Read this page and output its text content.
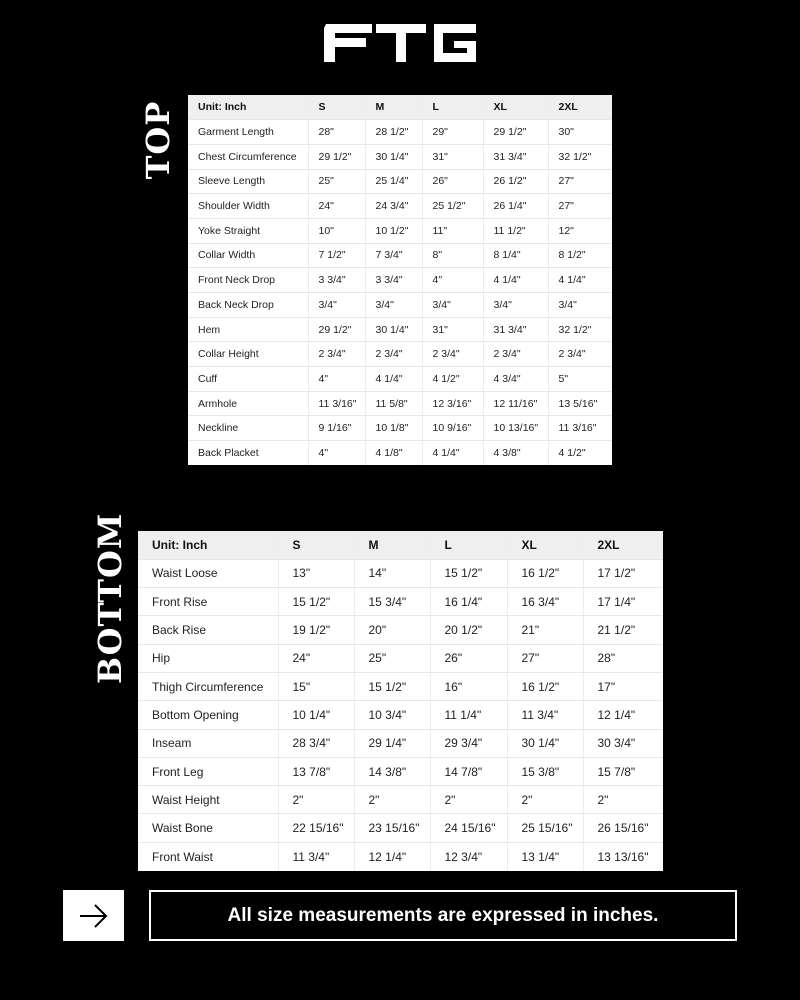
TOP
BOTTOM
Unit: Inch	S	M	L	XL	2XL
Garment Length	28"	28 1/2"	29"	29 1/2"	30"
Chest Circumference	29 1/2"	30 1/4"	31"	31 3/4"	32 1/2"
Sleeve Length	25"	25 1/4"	26"	26 1/2"	27"
Shoulder Width	24"	24 3/4"	25 1/2"	26 1/4"	27"
Yoke Straight	10"	10 1/2"	11"	11 1/2"	12"
Collar Width	7 1/2"	7 3/4"	8"	8 1/4"	8 1/2"
Front Neck Drop	3 3/4"	3 3/4"	4"	4 1/4"	4 1/4"
Back Neck Drop	3/4"	3/4"	3/4"	3/4"	3/4"
Hem	29 1/2"	30 1/4"	31"	31 3/4"	32 1/2"
Collar Height	2 3/4"	2 3/4"	2 3/4"	2 3/4"	2 3/4"
Cuff	4"	4 1/4"	4 1/2"	4 3/4"	5"
Armhole	11 3/16"	11 5/8"	12 3/16"	12 11/16"	13 5/16"
Neckline	9 1/16"	10 1/8"	10 9/16"	10 13/16"	11 3/16"
Back Placket	4"	4 1/8"	4 1/4"	4 3/8"	4 1/2"
Unit: Inch	S	M	L	XL	2XL
Waist Loose	13"	14"	15 1/2"	16 1/2"	17 1/2"
Front Rise	15 1/2"	15 3/4"	16 1/4"	16 3/4"	17 1/4"
Back Rise	19 1/2"	20"	20 1/2"	21"	21 1/2"
Hip	24"	25"	26"	27"	28"
Thigh Circumference	15"	15 1/2"	16"	16 1/2"	17"
Bottom Opening	10 1/4"	10 3/4"	11 1/4"	11 3/4"	12 1/4"
Inseam	28 3/4"	29 1/4"	29 3/4"	30 1/4"	30 3/4"
Front Leg	13 7/8"	14 3/8"	14 7/8"	15 3/8"	15 7/8"
Waist Height	2"	2"	2"	2"	2"
Waist Bone	22 15/16"	23 15/16"	24 15/16"	25 15/16"	26 15/16"
Front Waist	11 3/4"	12 1/4"	12 3/4"	13 1/4"	13 13/16"
All size measurements are expressed in inches.
